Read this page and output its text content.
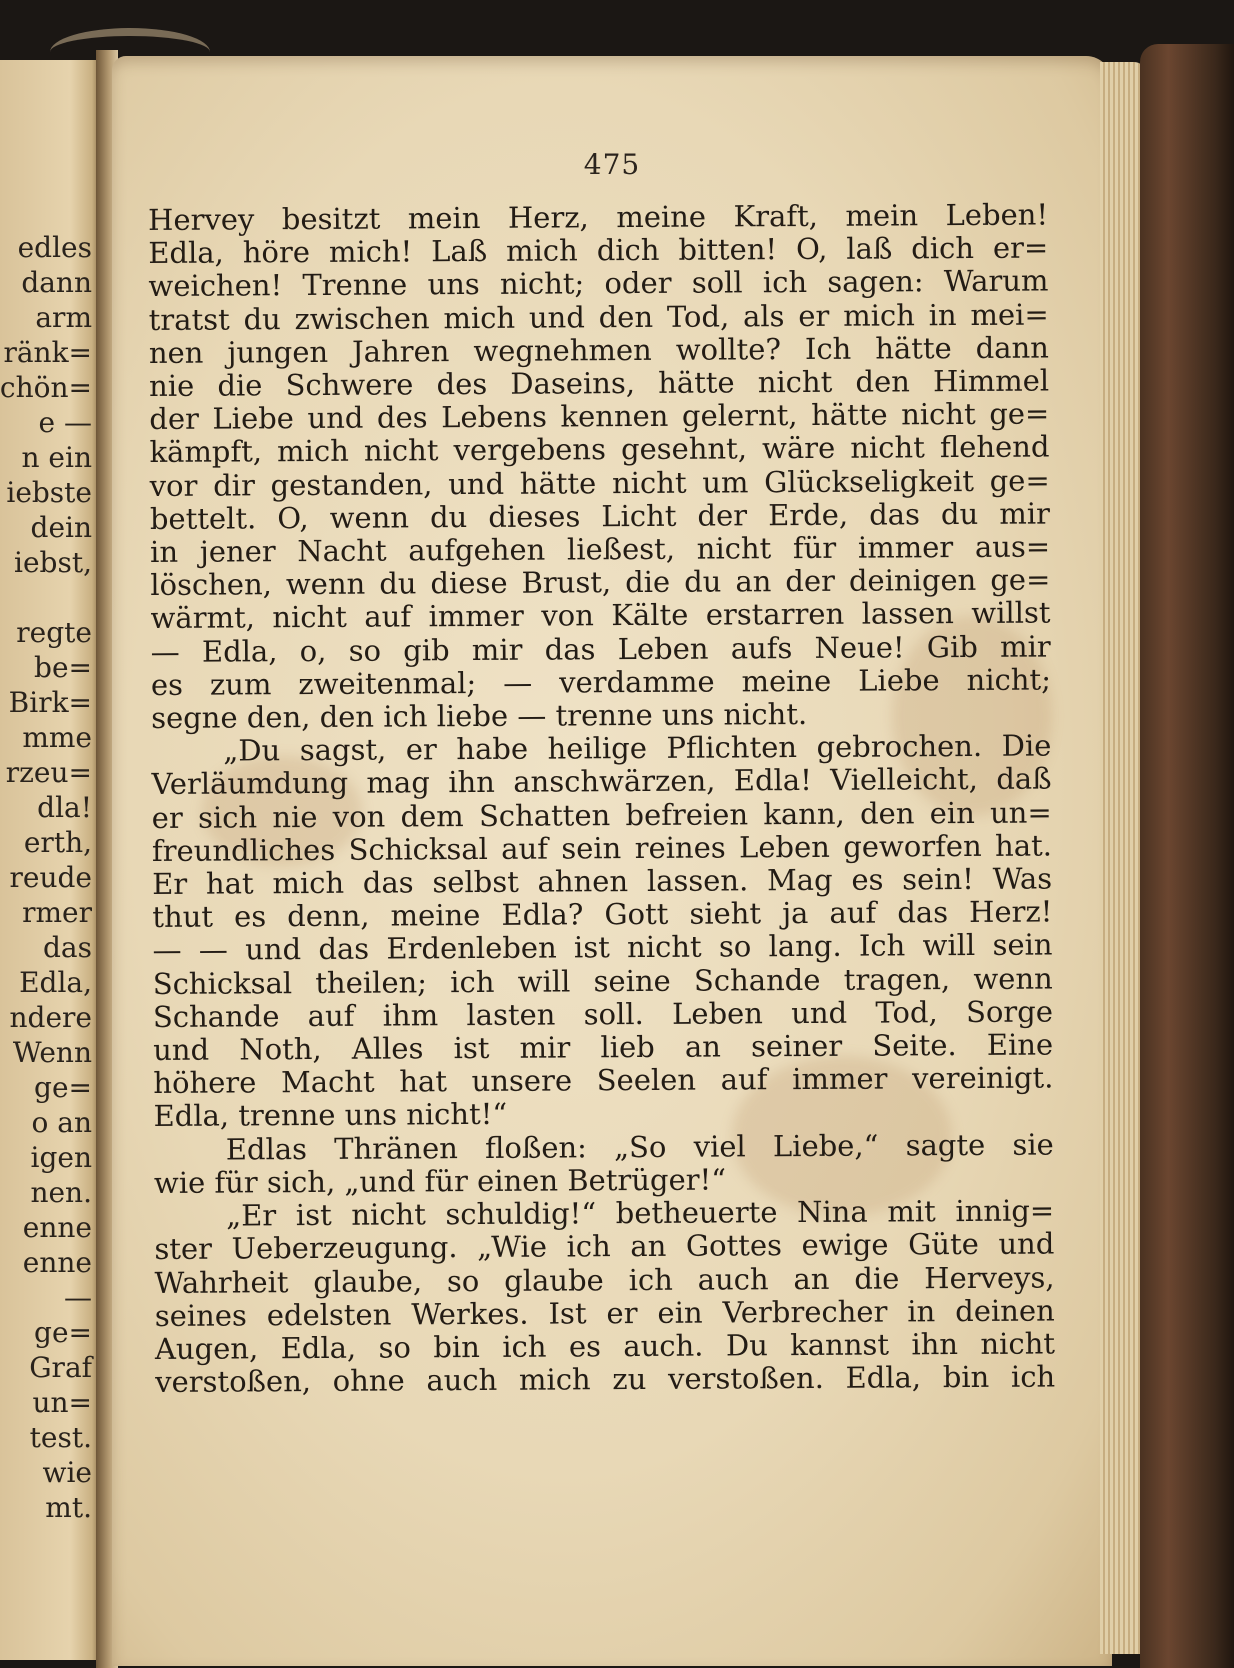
edles
dann
arm
ränk=
chön=
e —
n ein
iebste
dein
iebst,
regte
be=
Birk=
mme
rzeu=
dla!
erth,
reude
rmer
das
Edla,
ndere
Wenn
ge=
o an
igen
nen.
enne
enne
—
ge=
Graf
un=
test.
wie
mt.
475
Hervey besitzt mein Herz, meine Kraft, mein Leben!
Edla, höre mich! Laß mich dich bitten! O, laß dich er=
weichen! Trenne uns nicht; oder soll ich sagen: Warum
tratst du zwischen mich und den Tod, als er mich in mei=
nen jungen Jahren wegnehmen wollte? Ich hätte dann
nie die Schwere des Daseins, hätte nicht den Himmel
der Liebe und des Lebens kennen gelernt, hätte nicht ge=
kämpft, mich nicht vergebens gesehnt, wäre nicht flehend
vor dir gestanden, und hätte nicht um Glückseligkeit ge=
bettelt. O, wenn du dieses Licht der Erde, das du mir
in jener Nacht aufgehen ließest, nicht für immer aus=
löschen, wenn du diese Brust, die du an der deinigen ge=
wärmt, nicht auf immer von Kälte erstarren lassen willst
— Edla, o, so gib mir das Leben aufs Neue! Gib mir
es zum zweitenmal; — verdamme meine Liebe nicht;
segne den, den ich liebe — trenne uns nicht.
„Du sagst, er habe heilige Pflichten gebrochen. Die
Verläumdung mag ihn anschwärzen, Edla! Vielleicht, daß
er sich nie von dem Schatten befreien kann, den ein un=
freundliches Schicksal auf sein reines Leben geworfen hat.
Er hat mich das selbst ahnen lassen. Mag es sein! Was
thut es denn, meine Edla? Gott sieht ja auf das Herz!
— — und das Erdenleben ist nicht so lang. Ich will sein
Schicksal theilen; ich will seine Schande tragen, wenn
Schande auf ihm lasten soll. Leben und Tod, Sorge
und Noth, Alles ist mir lieb an seiner Seite. Eine
höhere Macht hat unsere Seelen auf immer vereinigt.
Edla, trenne uns nicht!“
Edlas Thränen floßen: „So viel Liebe,“ sagte sie
wie für sich, „und für einen Betrüger!“
„Er ist nicht schuldig!“ betheuerte Nina mit innig=
ster Ueberzeugung. „Wie ich an Gottes ewige Güte und
Wahrheit glaube, so glaube ich auch an die Herveys,
seines edelsten Werkes. Ist er ein Verbrecher in deinen
Augen, Edla, so bin ich es auch. Du kannst ihn nicht
verstoßen, ohne auch mich zu verstoßen. Edla, bin ich
